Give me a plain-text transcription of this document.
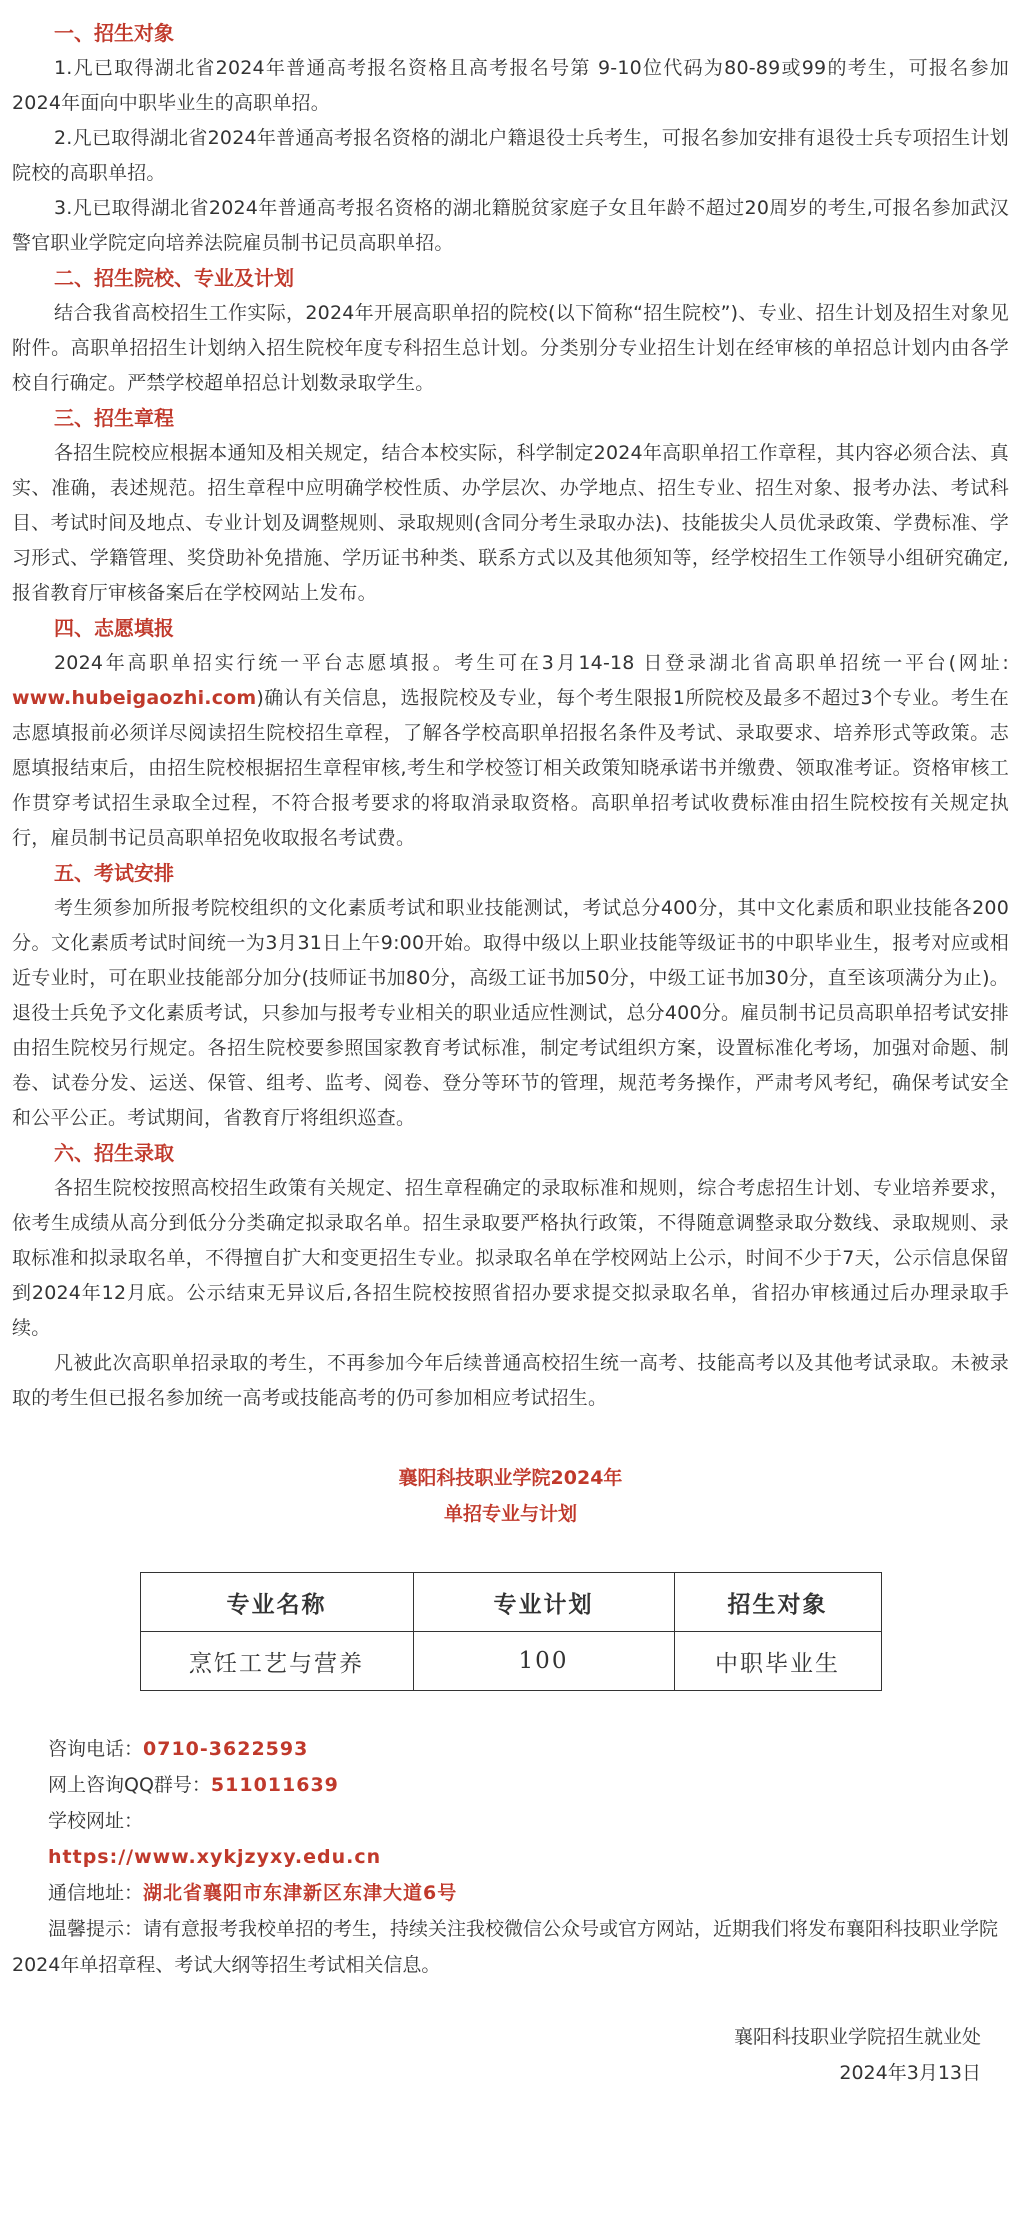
一、招生对象

1.凡已取得湖北省2024年普通高考报名资格且高考报名号第 9-10位代码为80-89或99的考生，可报名参加2024年面向中职毕业生的高职单招。

2.凡已取得湖北省2024年普通高考报名资格的湖北户籍退役士兵考生，可报名参加安排有退役士兵专项招生计划院校的高职单招。

3.凡已取得湖北省2024年普通高考报名资格的湖北籍脱贫家庭子女且年龄不超过20周岁的考生,可报名参加武汉警官职业学院定向培养法院雇员制书记员高职单招。

二、招生院校、专业及计划

结合我省高校招生工作实际，2024年开展高职单招的院校(以下简称“招生院校”)、专业、招生计划及招生对象见附件。高职单招招生计划纳入招生院校年度专科招生总计划。分类别分专业招生计划在经审核的单招总计划内由各学校自行确定。严禁学校超单招总计划数录取学生。

三、招生章程

各招生院校应根据本通知及相关规定，结合本校实际，科学制定2024年高职单招工作章程，其内容必须合法、真实、准确，表述规范。招生章程中应明确学校性质、办学层次、办学地点、招生专业、招生对象、报考办法、考试科目、考试时间及地点、专业计划及调整规则、录取规则(含同分考生录取办法)、技能拔尖人员优录政策、学费标准、学习形式、学籍管理、奖贷助补免措施、学历证书种类、联系方式以及其他须知等，经学校招生工作领导小组研究确定,报省教育厅审核备案后在学校网站上发布。

四、志愿填报

2024年高职单招实行统一平台志愿填报。考生可在3月14-18 日登录湖北省高职单招统一平台(网址: www.hubeigaozhi.com)确认有关信息，选报院校及专业，每个考生限报1所院校及最多不超过3个专业。考生在志愿填报前必须详尽阅读招生院校招生章程，了解各学校高职单招报名条件及考试、录取要求、培养形式等政策。志愿填报结束后，由招生院校根据招生章程审核,考生和学校签订相关政策知晓承诺书并缴费、领取准考证。资格审核工作贯穿考试招生录取全过程，不符合报考要求的将取消录取资格。高职单招考试收费标准由招生院校按有关规定执行，雇员制书记员高职单招免收取报名考试费。

五、考试安排

考生须参加所报考院校组织的文化素质考试和职业技能测试，考试总分400分，其中文化素质和职业技能各200分。文化素质考试时间统一为3月31日上午9:00开始。取得中级以上职业技能等级证书的中职毕业生，报考对应或相近专业时，可在职业技能部分加分(技师证书加80分，高级工证书加50分，中级工证书加30分，直至该项满分为止)。退役士兵免予文化素质考试，只参加与报考专业相关的职业适应性测试，总分400分。雇员制书记员高职单招考试安排由招生院校另行规定。各招生院校要参照国家教育考试标准，制定考试组织方案，设置标准化考场，加强对命题、制卷、试卷分发、运送、保管、组考、监考、阅卷、登分等环节的管理，规范考务操作，严肃考风考纪，确保考试安全和公平公正。考试期间，省教育厅将组织巡查。

六、招生录取

各招生院校按照高校招生政策有关规定、招生章程确定的录取标准和规则，综合考虑招生计划、专业培养要求，依考生成绩从高分到低分分类确定拟录取名单。招生录取要严格执行政策，不得随意调整录取分数线、录取规则、录取标准和拟录取名单，不得擅自扩大和变更招生专业。拟录取名单在学校网站上公示，时间不少于7天，公示信息保留到2024年12月底。公示结束无异议后,各招生院校按照省招办要求提交拟录取名单，省招办审核通过后办理录取手续。

凡被此次高职单招录取的考生，不再参加今年后续普通高校招生统一高考、技能高考以及其他考试录取。未被录取的考生但已报名参加统一高考或技能高考的仍可参加相应考试招生。

襄阳科技职业学院2024年
单招专业与计划
专业名称	专业计划	招生对象
烹饪工艺与营养	100	中职毕业生
咨询电话：0710-3622593
网上咨询QQ群号：511011639
学校网址：
https://www.xykjzyxy.edu.cn
通信地址：湖北省襄阳市东津新区东津大道6号
温馨提示：请有意报考我校单招的考生，持续关注我校微信公众号或官方网站，近期我们将发布襄阳科技职业学院2024年单招章程、考试大纲等招生考试相关信息。
襄阳科技职业学院招生就业处
2024年3月13日
